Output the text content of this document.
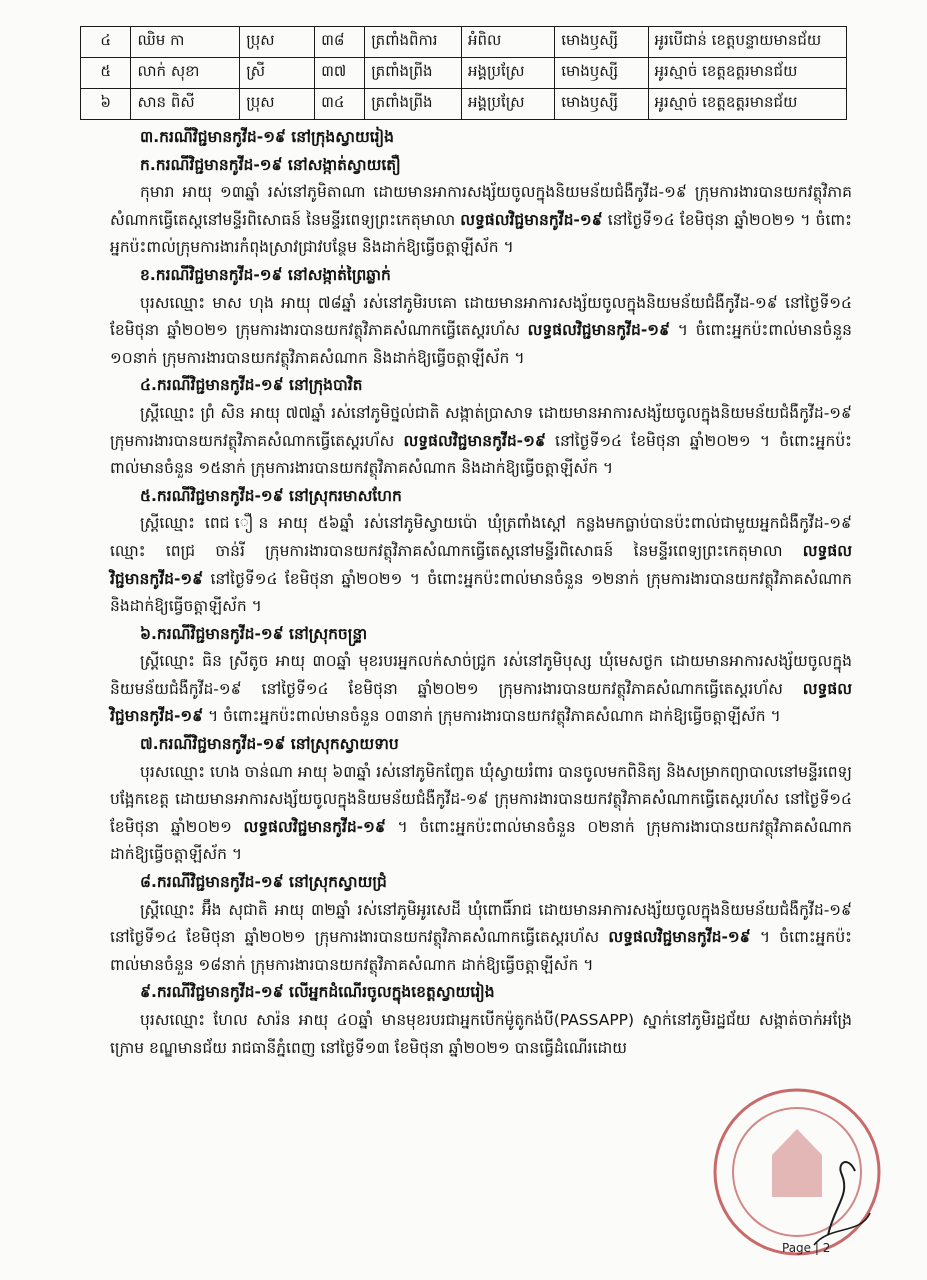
៤	ឈិម កា	ប្រុស	៣៨	ត្រពាំងពិការ	អំពិល	មោងឫស្សី	អូរបើជាន់ ខេត្តបន្ទាយមានជ័យ
៥	លាក់ សុខា	ស្រី	៣៧	ត្រពាំងព្រីង	អង្គប្រស្រែ	មោងឫស្សី	អូរស្មាច់ ខេត្តឧត្តរមានជ័យ
៦	សាន ពិសី	ប្រុស	៣៤	ត្រពាំងព្រីង	អង្គប្រស្រែ	មោងឫស្សី	អូរស្មាច់ ខេត្តឧត្តរមានជ័យ
៣.ករណីវិជ្ជមានកូវីដ-១៩ នៅក្រុងស្វាយរៀង
ក.ករណីវិជ្ជមានកូវីដ-១៩ នៅសង្កាត់ស្វាយតឿ

កុមារា អាយុ ១៣ឆ្នាំ រស់នៅភូមិតាណា ដោយមានអាការសង្ស័យចូលក្នុងនិយមន័យជំងឺកូវីដ-១៩ ក្រុមការងារបានយកវត្ថុវិភាគសំណាកធ្វើតេស្តនៅមន្ទីរពិសោធន៍ នៃមន្ទីរពេទ្យព្រះកេតុមាលា លទ្ធផលវិជ្ជមានកូវីដ-១៩ នៅថ្ងៃទី១៤ ខែមិថុនា ឆ្នាំ២០២១ ។ ចំពោះអ្នកប៉ះពាល់ក្រុមការងារកំពុងស្រាវជ្រាវបន្ថែម និងដាក់ឱ្យធ្វើចត្តាឡីស័ក ។

ខ.ករណីវិជ្ជមានកូវីដ-១៩ នៅសង្កាត់ព្រៃឆ្លាក់

បុរសឈ្មោះ មាស ហុង អាយុ ៧៨ឆ្នាំ រស់នៅភូមិរបគោ ដោយមានអាការសង្ស័យចូលក្នុងនិយមន័យជំងឺកូវីដ-១៩ នៅថ្ងៃទី១៤ ខែមិថុនា ឆ្នាំ២០២១ ក្រុមការងារបានយកវត្ថុវិភាគសំណាកធ្វើតេស្តរហ័ស លទ្ធផលវិជ្ជមានកូវីដ-១៩ ។ ចំពោះអ្នកប៉ះពាល់មានចំនួន ១០នាក់ ក្រុមការងារបានយកវត្ថុវិភាគសំណាក និងដាក់ឱ្យធ្វើចត្តាឡីស័ក ។

៤.ករណីវិជ្ជមានកូវីដ-១៩ នៅក្រុងបាវិត

ស្ត្រីឈ្មោះ ព្រំ សិន អាយុ ៧៧ឆ្នាំ រស់នៅភូមិថ្នល់ជាតិ សង្កាត់ប្រាសាទ ដោយមានអាការសង្ស័យចូលក្នុងនិយមន័យជំងឺកូវីដ-១៩ ក្រុមការងារបានយកវត្ថុវិភាគសំណាកធ្វើតេស្តរហ័ស លទ្ធផលវិជ្ជមានកូវីដ-១៩ នៅថ្ងៃទី១៤ ខែមិថុនា ឆ្នាំ២០២១ ។ ចំពោះអ្នកប៉ះពាល់មានចំនួន ១៥នាក់ ក្រុមការងារបានយកវត្ថុវិភាគសំណាក និងដាក់ឱ្យធ្វើចត្តាឡីស័ក ។

៥.ករណីវិជ្ជមានកូវីដ-១៩ នៅស្រុករមាសហែក

ស្ត្រីឈ្មោះ ពេជ ឿន អាយុ ៥៦ឆ្នាំ រស់នៅភូមិស្វាយប៉ោ ឃុំត្រពាំងស្ដៅ កន្លងមកធ្លាប់បានប៉ះពាល់ជាមួយអ្នកជំងឺកូវីដ-១៩ ឈ្មោះ ពេជ្រ ចាន់រី ក្រុមការងារបានយកវត្ថុវិភាគសំណាកធ្វើតេស្តនៅមន្ទីរពិសោធន៍ នៃមន្ទីរពេទ្យព្រះកេតុមាលា លទ្ធផលវិជ្ជមានកូវីដ-១៩ នៅថ្ងៃទី១៤ ខែមិថុនា ឆ្នាំ២០២១ ។ ចំពោះអ្នកប៉ះពាល់មានចំនួន ១២នាក់ ក្រុមការងារបានយកវត្ថុវិភាគសំណាក និងដាក់ឱ្យធ្វើចត្តាឡីស័ក ។

៦.ករណីវិជ្ជមានកូវីដ-១៩ នៅស្រុកចន្ទ្រា

ស្ត្រីឈ្មោះ ធិន ស្រីតូច អាយុ ៣០ឆ្នាំ មុខរបរអ្នកលក់សាច់ជ្រូក រស់នៅភូមិបុស្ស ឃុំមេសថ្ងក ដោយមានអាការសង្ស័យចូលក្នុងនិយមន័យជំងឺកូវីដ-១៩ នៅថ្ងៃទី១៤ ខែមិថុនា ឆ្នាំ២០២១ ក្រុមការងារបានយកវត្ថុវិភាគសំណាកធ្វើតេស្តរហ័ស លទ្ធផលវិជ្ជមានកូវីដ-១៩ ។ ចំពោះអ្នកប៉ះពាល់មានចំនួន ០៣នាក់ ក្រុមការងារបានយកវត្ថុវិភាគសំណាក ដាក់ឱ្យធ្វើចត្តាឡីស័ក ។

៧.ករណីវិជ្ជមានកូវីដ-១៩ នៅស្រុកស្វាយទាប

បុរសឈ្មោះ ហេង ចាន់ណា អាយុ ៦៣ឆ្នាំ រស់នៅភូមិកញ្ចែត ឃុំស្វាយរំពារ បានចូលមកពិនិត្យ និងសម្រាកព្យាបាលនៅមន្ទីរពេទ្យបង្អែកខេត្ត ដោយមានអាការសង្ស័យចូលក្នុងនិយមន័យជំងឺកូវីដ-១៩ ក្រុមការងារបានយកវត្ថុវិភាគសំណាកធ្វើតេស្តរហ័ស នៅថ្ងៃទី១៤ ខែមិថុនា ឆ្នាំ២០២១ លទ្ធផលវិជ្ជមានកូវីដ-១៩ ។ ចំពោះអ្នកប៉ះពាល់មានចំនួន ០២នាក់ ក្រុមការងារបានយកវត្ថុវិភាគសំណាក ដាក់ឱ្យធ្វើចត្តាឡីស័ក ។

៨.ករណីវិជ្ជមានកូវីដ-១៩ នៅស្រុកស្វាយជ្រំ

ស្ត្រីឈ្មោះ អ៊ឹង សុជាតិ អាយុ ៣២ឆ្នាំ រស់នៅភូមិអូរសេដី ឃុំពោធិ៍រាជ ដោយមានអាការសង្ស័យចូលក្នុងនិយមន័យជំងឺកូវីដ-១៩ នៅថ្ងៃទី១៤ ខែមិថុនា ឆ្នាំ២០២១ ក្រុមការងារបានយកវត្ថុវិភាគសំណាកធ្វើតេស្តរហ័ស លទ្ធផលវិជ្ជមានកូវីដ-១៩ ។ ចំពោះអ្នកប៉ះពាល់មានចំនួន ១៨នាក់ ក្រុមការងារបានយកវត្ថុវិភាគសំណាក ដាក់ឱ្យធ្វើចត្តាឡីស័ក ។

៩.ករណីវិជ្ជមានកូវីដ-១៩ លើអ្នកដំណើរចូលក្នុងខេត្តស្វាយរៀង

បុរសឈ្មោះ ហែល សារ៉ន អាយុ ៤០ឆ្នាំ មានមុខរបរជាអ្នកបើកម៉ូតូកង់បី(PASSAPP) ស្នាក់នៅភូមិរដ្ឋជ័យ សង្កាត់ចាក់អង្រែក្រោម ខណ្ឌមានជ័យ រាជធានីភ្នំពេញ នៅថ្ងៃទី១៣ ខែមិថុនា ឆ្នាំ២០២១ បានធ្វើដំណើរដោយ

Page | 2
